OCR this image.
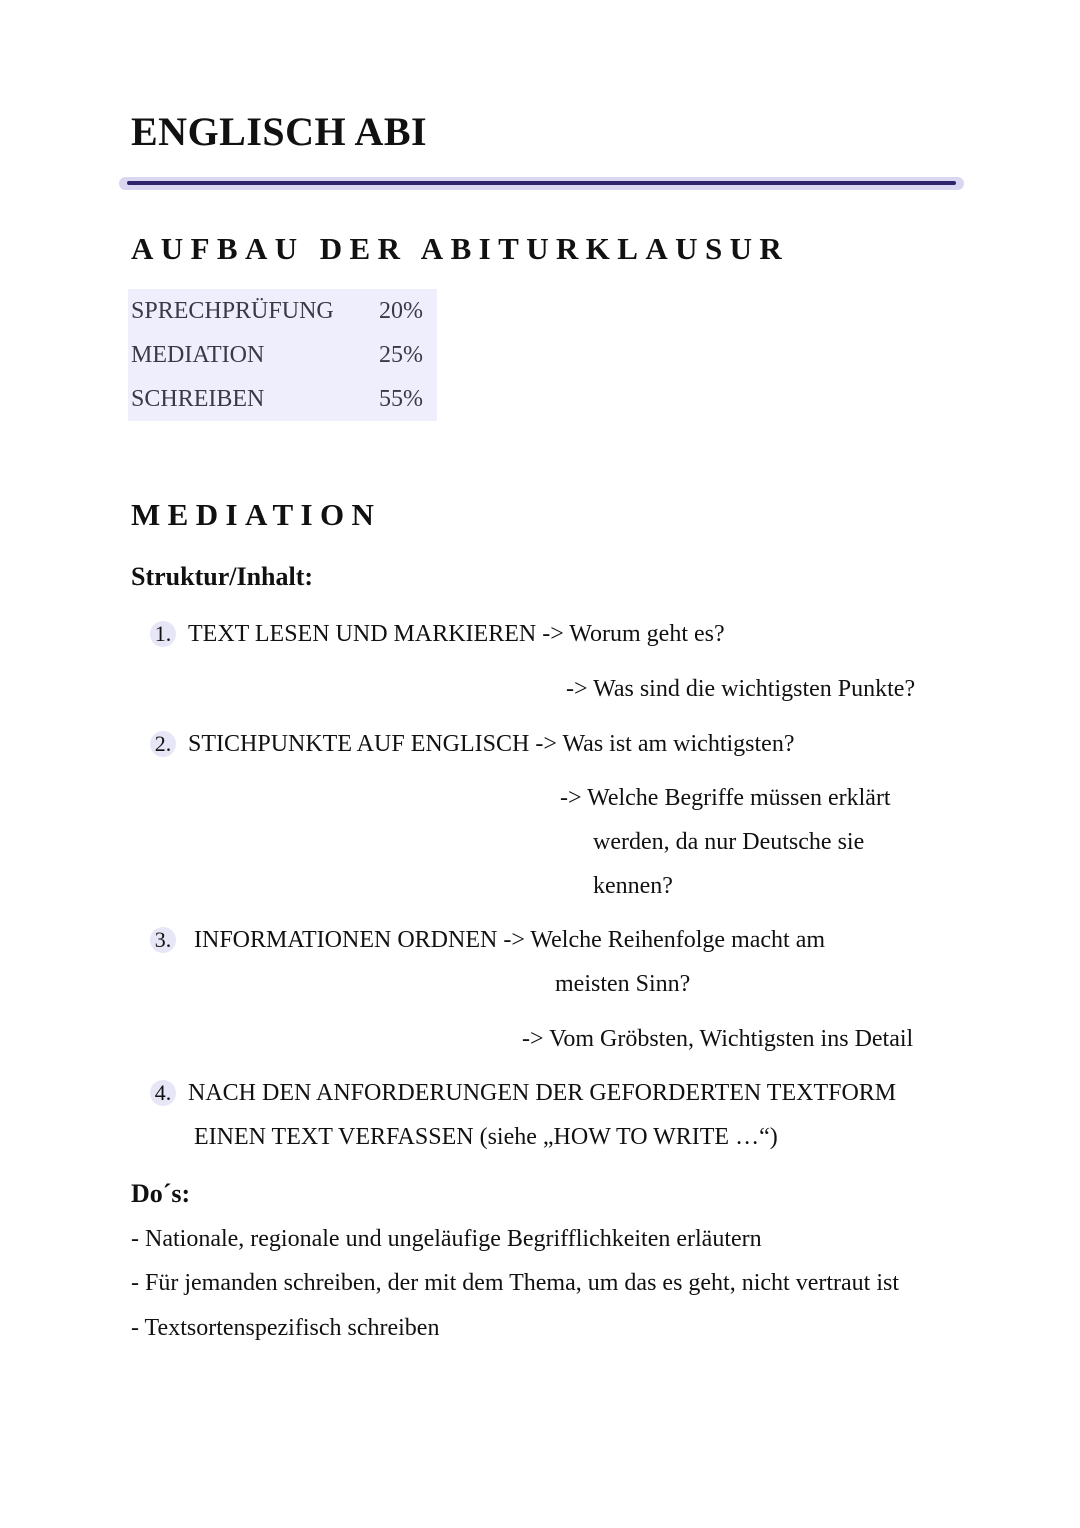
ENGLISCH ABI
AUFBAU DER ABITURKLAUSUR
SPRECHPRÜFUNG 20%
MEDIATION	25%
SCHREIBEN	55%
MEDIATION
Struktur/Inhalt:
1. TEXT LESEN UND MARKIEREN -> Worum geht es?
-> Was sind die wichtigsten Punkte?
2. STICHPUNKTE AUF ENGLISCH -> Was ist am wichtigsten?
-> Welche Begriffe müssen erklärt
werden, da nur Deutsche sie
kennen?
3. INFORMATIONEN ORDNEN -> Welche Reihenfolge macht am
meisten Sinn?
-> Vom Gröbsten, Wichtigsten ins Detail
4. NACH DEN ANFORDERUNGEN DER GEFORDERTEN TEXTFORM
EINEN TEXT VERFASSEN (siehe „HOW TO WRITE …“)
Do´s:
- Nationale, regionale und ungeläufige Begrifflichkeiten erläutern
- Für jemanden schreiben, der mit dem Thema, um das es geht, nicht vertraut ist
- Textsortenspezifisch schreiben
